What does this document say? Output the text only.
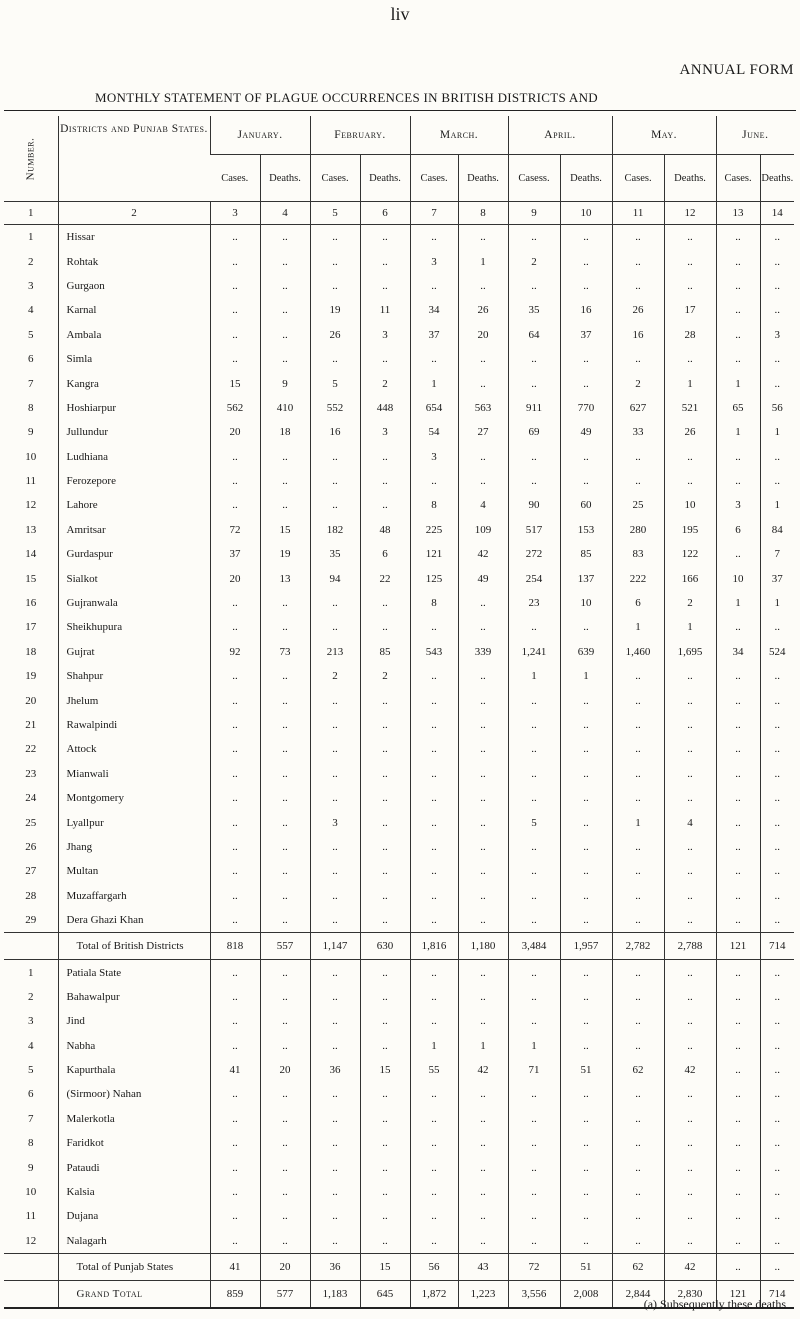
liv
ANNUAL FORM
MONTHLY STATEMENT OF PLAGUE OCCURRENCES IN BRITISH DISTRICTS AND
Number.	Districts and Punjab States.	January.		February.		March.		April.		May.		June.	
		Cases.	Deaths.	Cases.	Deaths.	Cases.	Deaths.	Casess.	Deaths.	Cases.	Deaths.	Cases.	Deaths.
1	2	3	4	5	6	7	8	9	10	11	12	13	14
1	Hissar	..	..	..	..	..	..	..	..	..	..	..	..
2	Rohtak	..	..	..	..	3	1	2	..	..	..	..	..
3	Gurgaon	..	..	..	..	..	..	..	..	..	..	..	..
4	Karnal	..	..	19	11	34	26	35	16	26	17	..	..
5	Ambala	..	..	26	3	37	20	64	37	16	28	..	3
6	Simla	..	..	..	..	..	..	..	..	..	..	..	..
7	Kangra	15	9	5	2	1	..	..	..	2	1	1	..
8	Hoshiarpur	562	410	552	448	654	563	911	770	627	521	65	56
9	Jullundur	20	18	16	3	54	27	69	49	33	26	1	1
10	Ludhiana	..	..	..	..	3	..	..	..	..	..	..	..
11	Ferozepore	..	..	..	..	..	..	..	..	..	..	..	..
12	Lahore	..	..	..	..	8	4	90	60	25	10	3	1
13	Amritsar	72	15	182	48	225	109	517	153	280	195	6	84
14	Gurdaspur	37	19	35	6	121	42	272	85	83	122	..	7
15	Sialkot	20	13	94	22	125	49	254	137	222	166	10	37
16	Gujranwala	..	..	..	..	8	..	23	10	6	2	1	1
17	Sheikhupura	..	..	..	..	..	..	..	..	1	1	..	..
18	Gujrat	92	73	213	85	543	339	1,241	639	1,460	1,695	34	524
19	Shahpur	..	..	2	2	..	..	1	1	..	..	..	..
20	Jhelum	..	..	..	..	..	..	..	..	..	..	..	..
21	Rawalpindi	..	..	..	..	..	..	..	..	..	..	..	..
22	Attock	..	..	..	..	..	..	..	..	..	..	..	..
23	Mianwali	..	..	..	..	..	..	..	..	..	..	..	..
24	Montgomery	..	..	..	..	..	..	..	..	..	..	..	..
25	Lyallpur	..	..	3	..	..	..	5	..	1	4	..	..
26	Jhang	..	..	..	..	..	..	..	..	..	..	..	..
27	Multan	..	..	..	..	..	..	..	..	..	..	..	..
28	Muzaffargarh	..	..	..	..	..	..	..	..	..	..	..	..
29	Dera Ghazi Khan	..	..	..	..	..	..	..	..	..	..	..	..
	Total of British Districts	818	557	1,147	630	1,816	1,180	3,484	1,957	2,782	2,788	121	714
1	Patiala State	..	..	..	..	..	..	..	..	..	..	..	..
2	Bahawalpur	..	..	..	..	..	..	..	..	..	..	..	..
3	Jind	..	..	..	..	..	..	..	..	..	..	..	..
4	Nabha	..	..	..	..	1	1	1	..	..	..	..	..
5	Kapurthala	41	20	36	15	55	42	71	51	62	42	..	..
6	(Sirmoor) Nahan	..	..	..	..	..	..	..	..	..	..	..	..
7	Malerkotla	..	..	..	..	..	..	..	..	..	..	..	..
8	Faridkot	..	..	..	..	..	..	..	..	..	..	..	..
9	Pataudi	..	..	..	..	..	..	..	..	..	..	..	..
10	Kalsia	..	..	..	..	..	..	..	..	..	..	..	..
11	Dujana	..	..	..	..	..	..	..	..	..	..	..	..
12	Nalagarh	..	..	..	..	..	..	..	..	..	..	..	..
	Total of Punjab States	41	20	36	15	56	43	72	51	62	42	..	..
	Grand Total	859	577	1,183	645	1,872	1,223	3,556	2,008	2,844	2,830	121	714
(a) Subsequently these deaths
